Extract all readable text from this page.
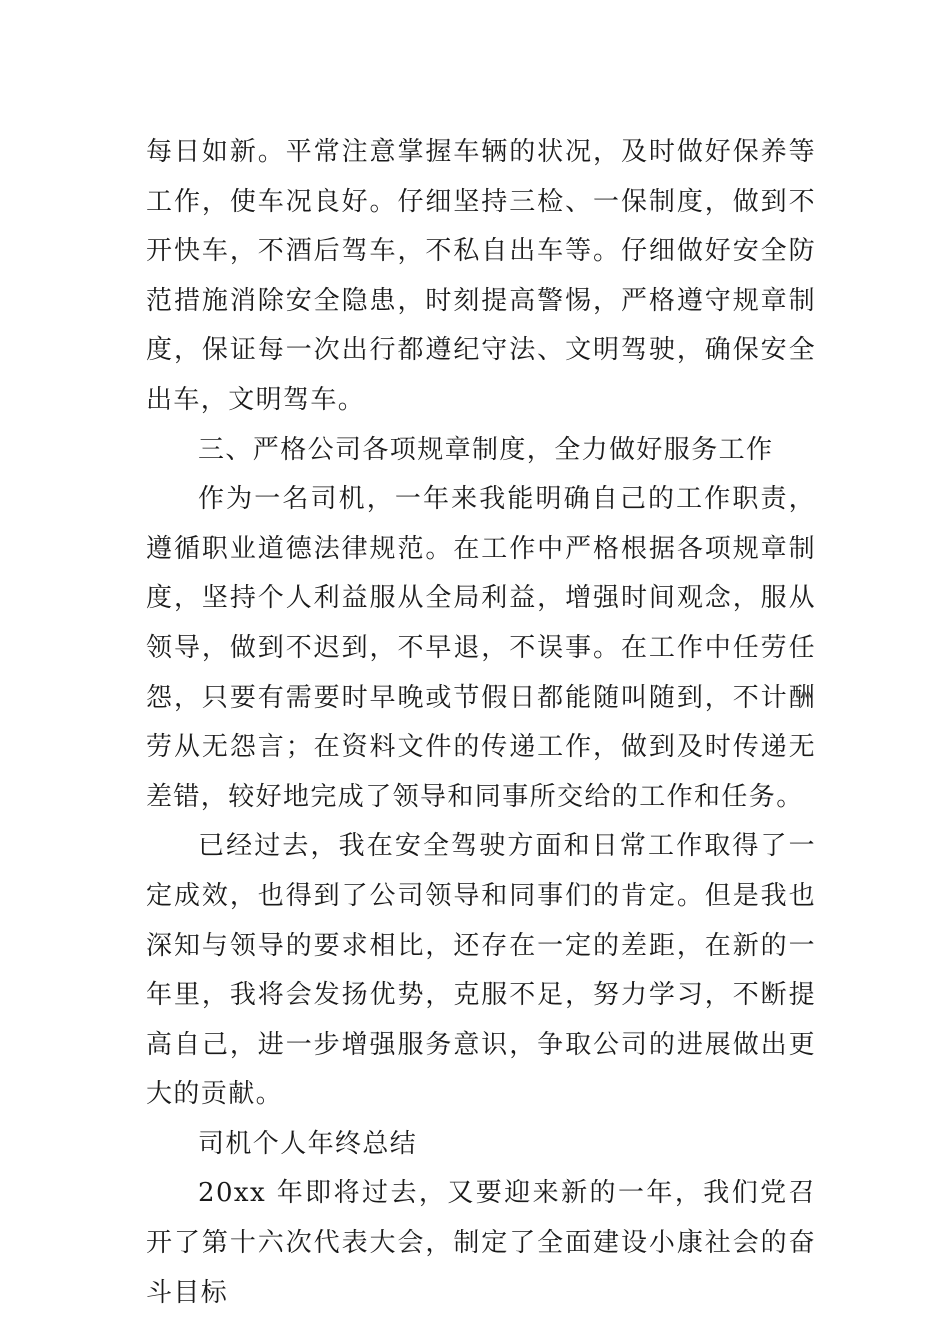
每日如新。平常注意掌握车辆的状况，及时做好保养等工作，使车况良好。仔细坚持三检、一保制度，做到不开快车，不酒后驾车，不私自出车等。仔细做好安全防范措施消除安全隐患，时刻提高警惕，严格遵守规章制度，保证每一次出行都遵纪守法、文明驾驶，确保安全出车，文明驾车。

三、严格公司各项规章制度，全力做好服务工作

作为一名司机，一年来我能明确自己的工作职责，遵循职业道德法律规范。在工作中严格根据各项规章制度，坚持个人利益服从全局利益，增强时间观念，服从领导，做到不迟到，不早退，不误事。在工作中任劳任怨，只要有需要时早晚或节假日都能随叫随到，不计酬劳从无怨言；在资料文件的传递工作，做到及时传递无差错，较好地完成了领导和同事所交给的工作和任务。

已经过去，我在安全驾驶方面和日常工作取得了一定成效，也得到了公司领导和同事们的肯定。但是我也深知与领导的要求相比，还存在一定的差距，在新的一年里，我将会发扬优势，克服不足，努力学习，不断提高自己，进一步增强服务意识，争取公司的进展做出更大的贡献。

司机个人年终总结

20xx 年即将过去，又要迎来新的一年，我们党召开了第十六次代表大会，制定了全面建设小康社会的奋斗目标
